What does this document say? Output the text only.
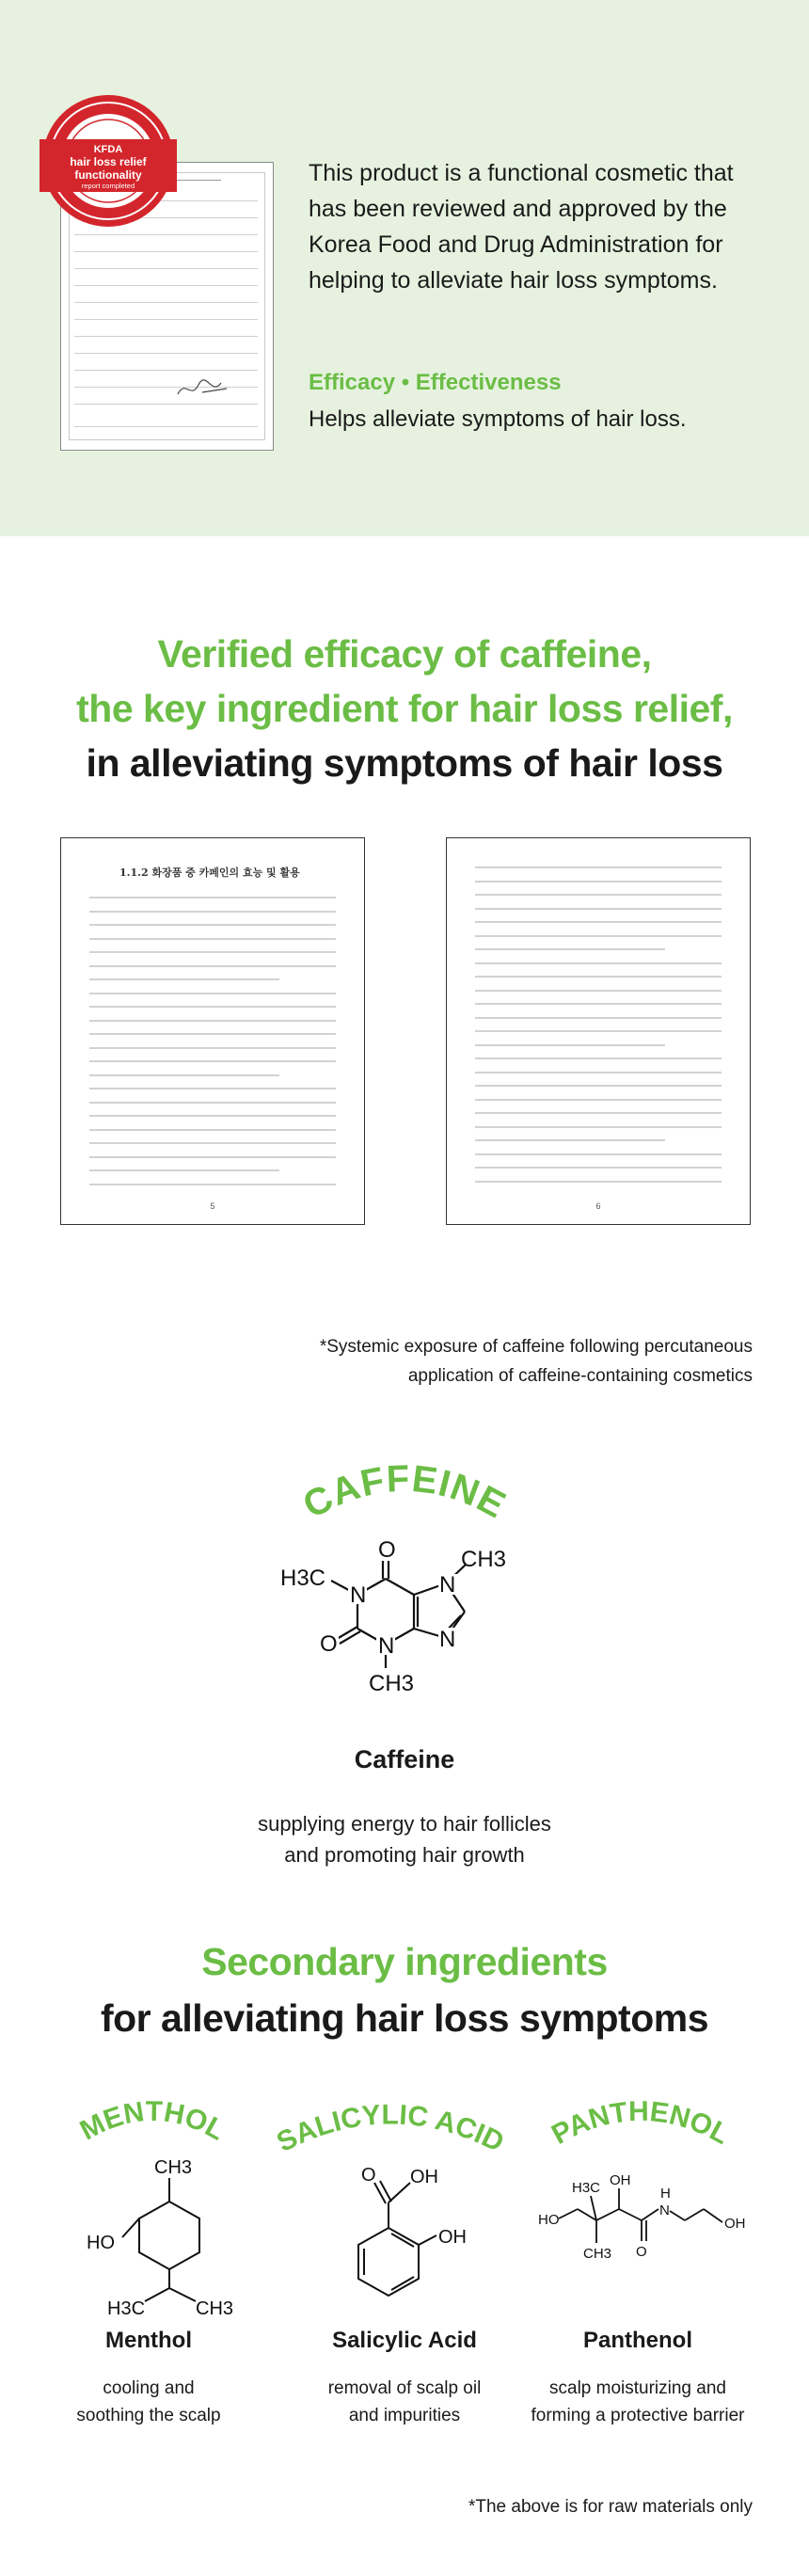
KFDA
hair loss relief
functionality
report completed	This product is a functional cosmetic that has been reviewed and approved by the Korea Food and Drug Administration for helping to alleviate hair loss symptoms.
Efficacy • Effectiveness
Helps alleviate symptoms of hair loss.
Verified efficacy of caffeine,
the key ingredient for hair loss relief,
in alleviating symptoms of hair loss
1.1.2 화장품 중 카페인의 효능 및 활용
5	6
*Systemic exposure of caffeine following percutaneous
application of caffeine-containing cosmetics
CAFFEINE
O
N
H3C	N
CH3
N
N
O
CH3
Caffeine
supplying energy to hair follicles
and promoting hair growth
Secondary ingredients
for alleviating hair loss symptoms
MENTHOL SALICYLIC ACID PANTHENOL
CH3
HO
H3C	CH3
O OH
OH
HO
H3C
CH3
OH
O
H
N
OH
Menthol	Salicylic Acid	Panthenol
cooling and
soothing the scalp
removal of scalp oil
and impurities
scalp moisturizing and
forming a protective barrier
*The above is for raw materials only
